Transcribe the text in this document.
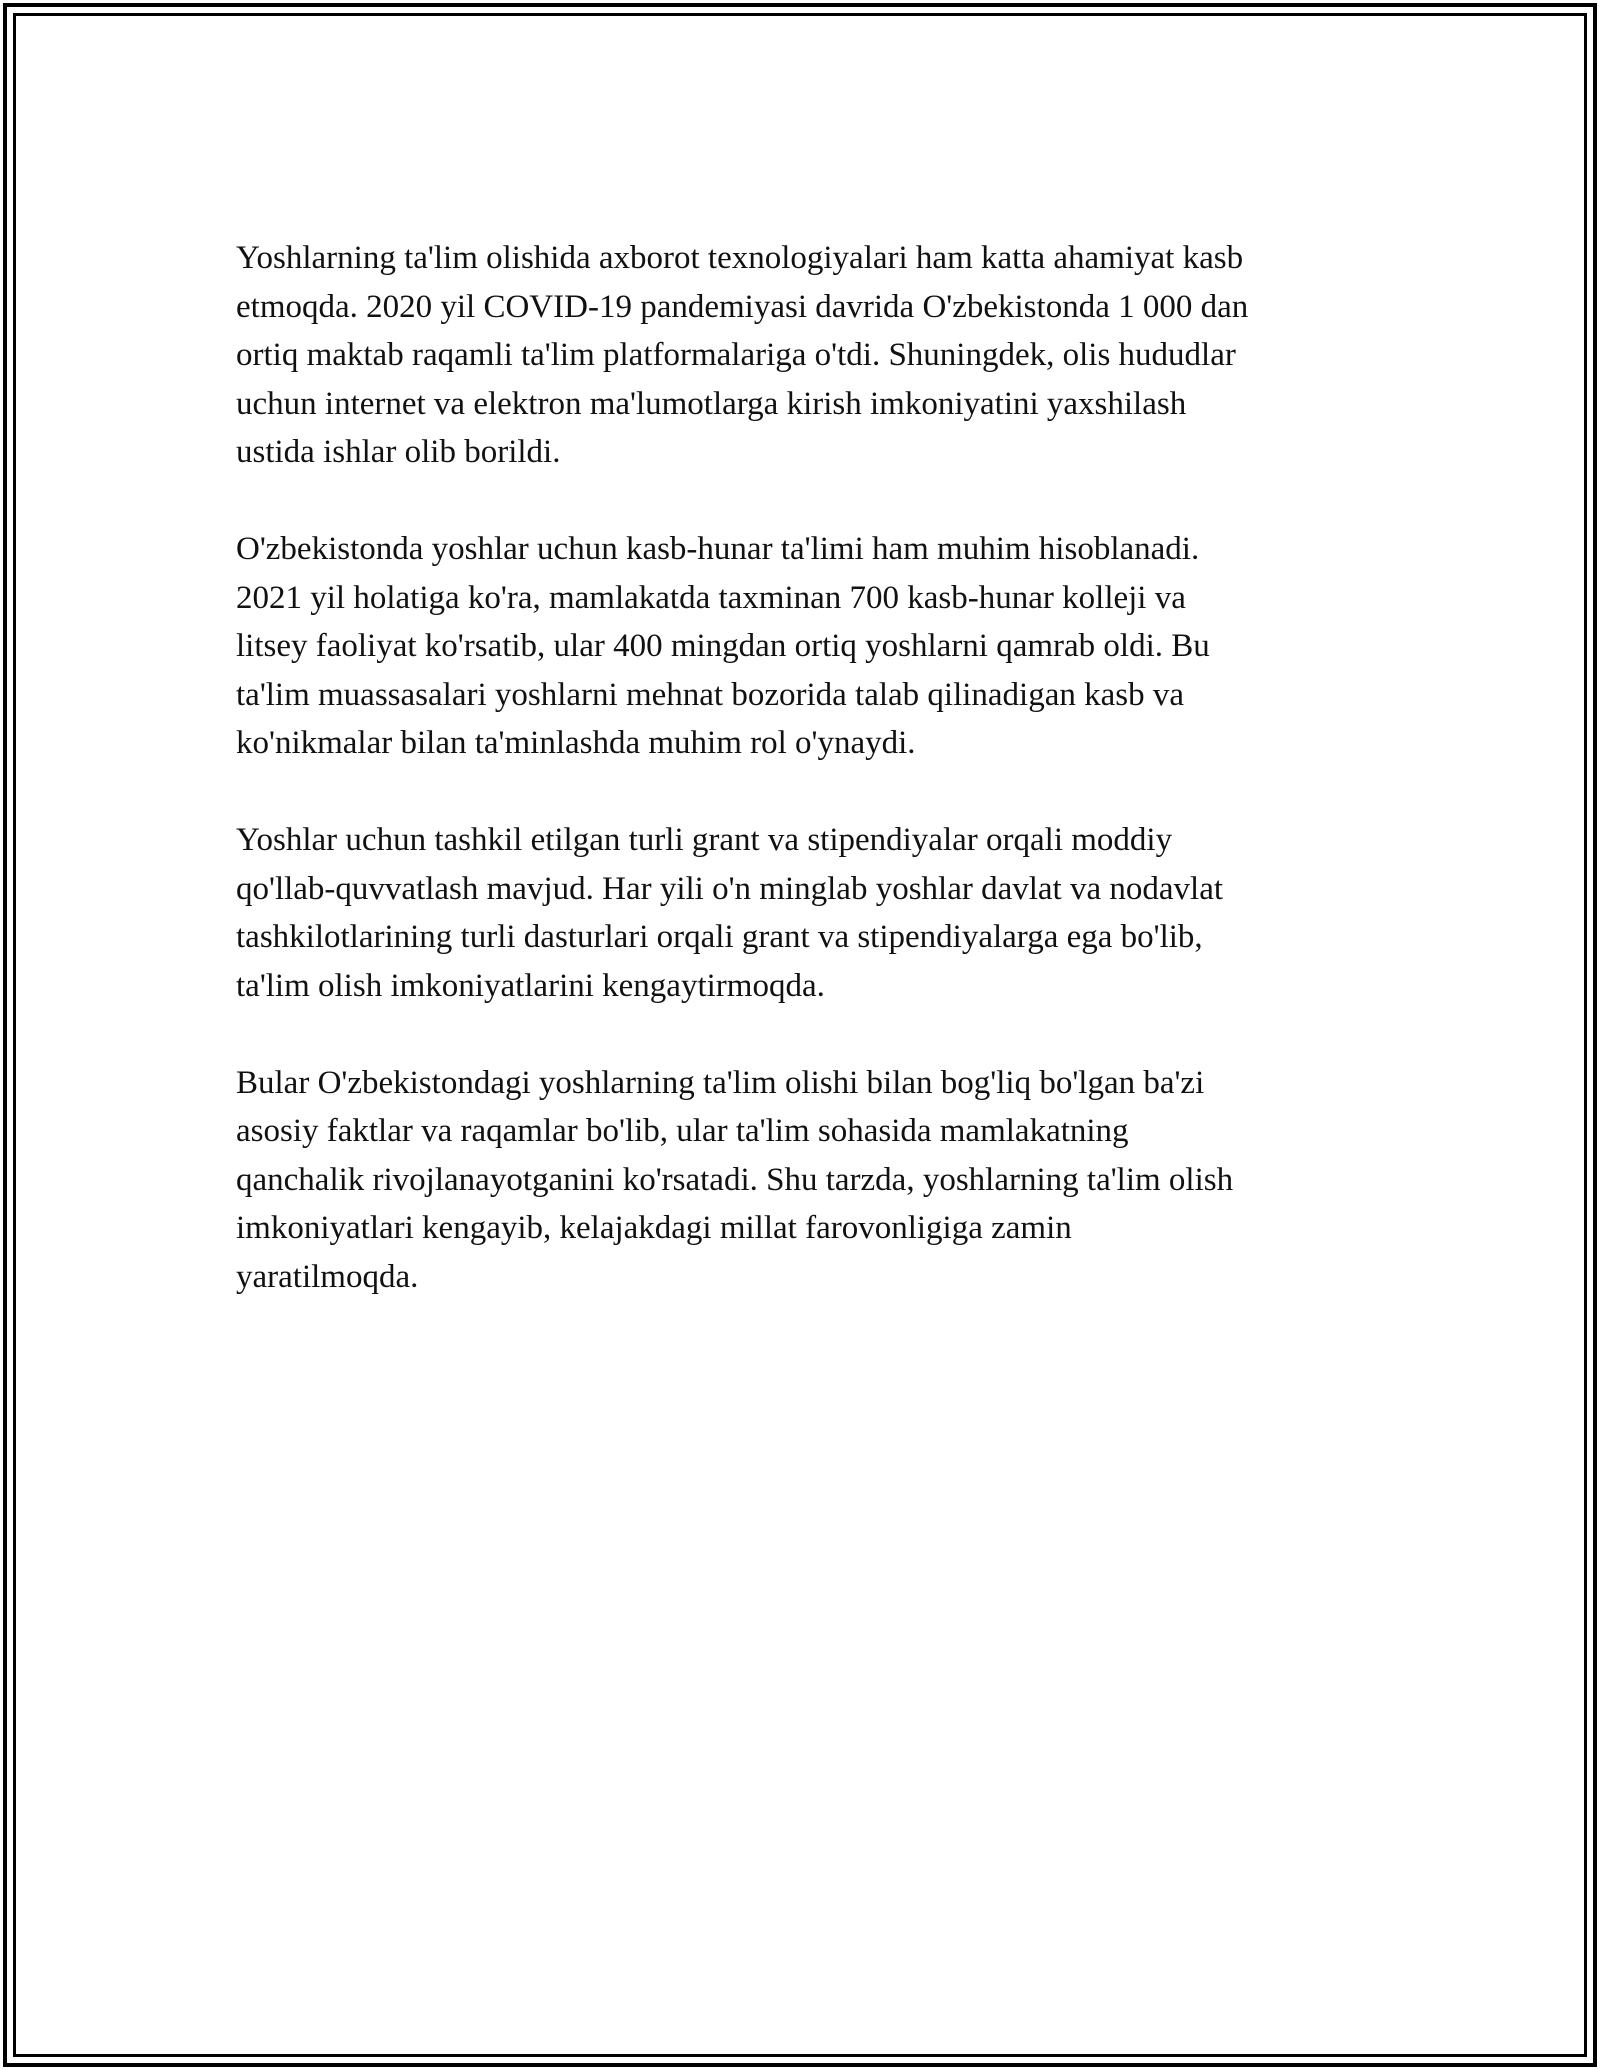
Yoshlarning ta'lim olishida axborot texnologiyalari ham katta ahamiyat kasb
etmoqda. 2020 yil COVID-19 pandemiyasi davrida O'zbekistonda 1 000 dan
ortiq maktab raqamli ta'lim platformalariga o'tdi. Shuningdek, olis hududlar
uchun internet va elektron ma'lumotlarga kirish imkoniyatini yaxshilash
ustida ishlar olib borildi.

O'zbekistonda yoshlar uchun kasb-hunar ta'limi ham muhim hisoblanadi.
2021 yil holatiga ko'ra, mamlakatda taxminan 700 kasb-hunar kolleji va
litsey faoliyat ko'rsatib, ular 400 mingdan ortiq yoshlarni qamrab oldi. Bu
ta'lim muassasalari yoshlarni mehnat bozorida talab qilinadigan kasb va
ko'nikmalar bilan ta'minlashda muhim rol o'ynaydi.

Yoshlar uchun tashkil etilgan turli grant va stipendiyalar orqali moddiy
qo'llab-quvvatlash mavjud. Har yili o'n minglab yoshlar davlat va nodavlat
tashkilotlarining turli dasturlari orqali grant va stipendiyalarga ega bo'lib,
ta'lim olish imkoniyatlarini kengaytirmoqda.

Bular O'zbekistondagi yoshlarning ta'lim olishi bilan bog'liq bo'lgan ba'zi
asosiy faktlar va raqamlar bo'lib, ular ta'lim sohasida mamlakatning
qanchalik rivojlanayotganini ko'rsatadi. Shu tarzda, yoshlarning ta'lim olish
imkoniyatlari kengayib, kelajakdagi millat farovonligiga zamin
yaratilmoqda.
